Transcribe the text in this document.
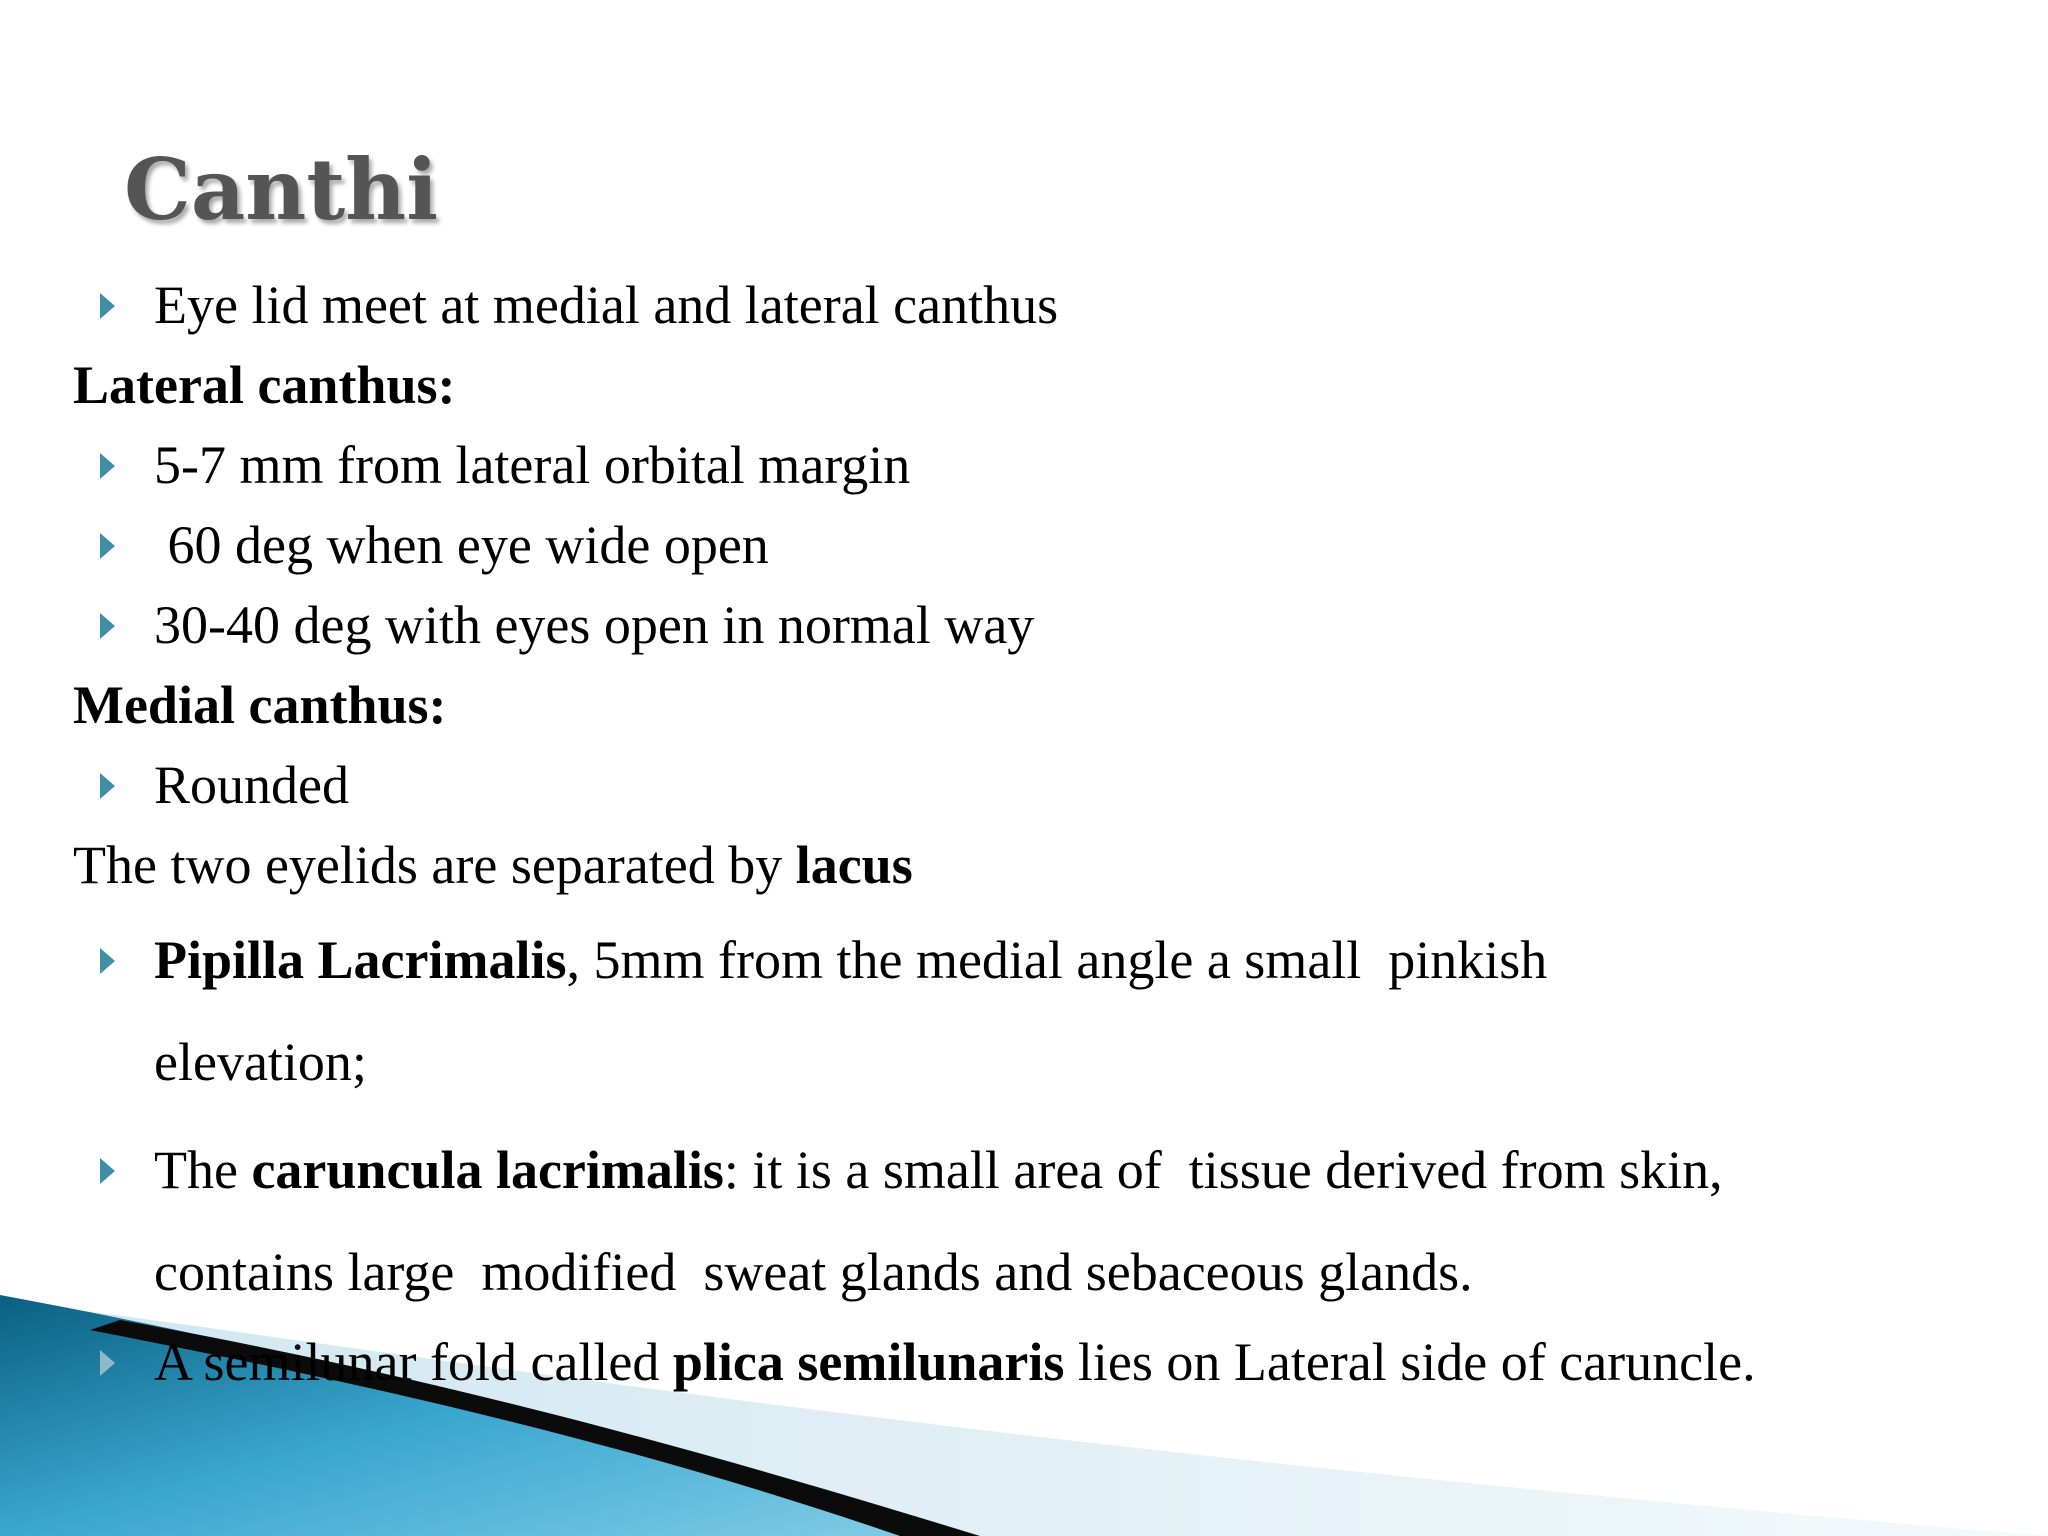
Canthi
Eye lid meet at medial and lateral canthus
Lateral canthus:
5-7 mm from lateral orbital margin
60 deg when eye wide open
30-40 deg with eyes open in normal way
Medial canthus:
Rounded
The two eyelids are separated by lacus
Pipilla Lacrimalis, 5mm from the medial angle a small  pinkish
elevation;
The caruncula lacrimalis: it is a small area of  tissue derived from skin,
contains large  modified  sweat glands and sebaceous glands.
A semilunar fold called plica semilunaris lies on Lateral side of caruncle.
